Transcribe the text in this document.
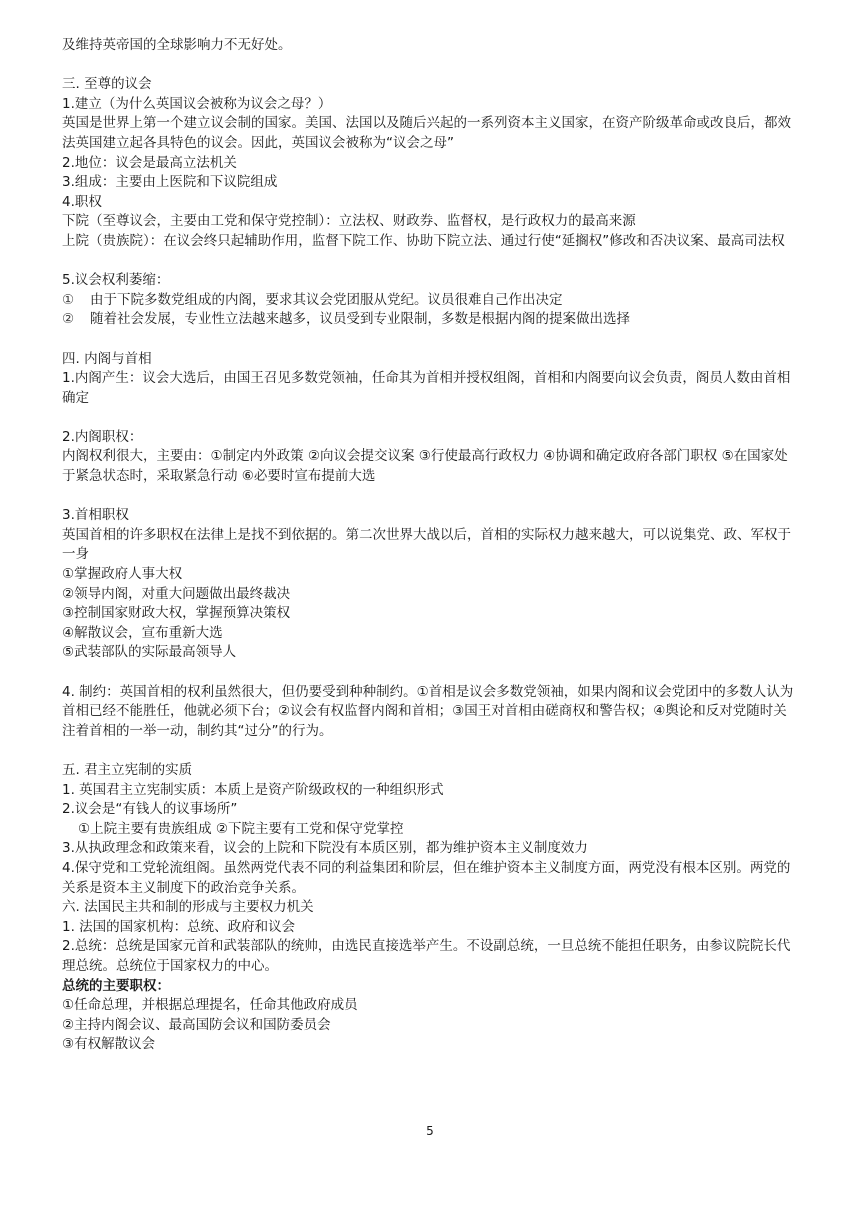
及维持英帝国的全球影响力不无好处。
三. 至尊的议会
1.建立（为什么英国议会被称为议会之母？）
英国是世界上第一个建立议会制的国家。美国、法国以及随后兴起的一系列资本主义国家，在资产阶级革命或改良后，都效法英国建立起各具特色的议会。因此，英国议会被称为“议会之母”
2.地位：议会是最高立法机关
3.组成：主要由上医院和下议院组成
4.职权
下院（至尊议会，主要由工党和保守党控制）：立法权、财政券、监督权，是行政权力的最高来源
上院（贵族院）：在议会终只起辅助作用，监督下院工作、协助下院立法、通过行使“延搁权”修改和否决议案、最高司法权
5.议会权利萎缩：
① 由于下院多数党组成的内阁，要求其议会党团服从党纪。议员很难自己作出决定
② 随着社会发展，专业性立法越来越多，议员受到专业限制，多数是根据内阁的提案做出选择
四. 内阁与首相
1.内阁产生：议会大选后，由国王召见多数党领袖，任命其为首相并授权组阁，首相和内阁要向议会负责，阁员人数由首相确定
2.内阁职权：
内阁权利很大，主要由：①制定内外政策 ②向议会提交议案 ③行使最高行政权力 ④协调和确定政府各部门职权 ⑤在国家处于紧急状态时，采取紧急行动 ⑥必要时宣布提前大选
3.首相职权
英国首相的许多职权在法律上是找不到依据的。第二次世界大战以后，首相的实际权力越来越大，可以说集党、政、军权于一身
①掌握政府人事大权
②领导内阁，对重大问题做出最终裁决
③控制国家财政大权，掌握预算决策权
④解散议会，宣布重新大选
⑤武装部队的实际最高领导人
4. 制约：英国首相的权利虽然很大，但仍要受到种种制约。①首相是议会多数党领袖，如果内阁和议会党团中的多数人认为首相已经不能胜任，他就必须下台；②议会有权监督内阁和首相；③国王对首相由磋商权和警告权；④舆论和反对党随时关注着首相的一举一动，制约其“过分”的行为。
五. 君主立宪制的实质
1. 英国君主立宪制实质：本质上是资产阶级政权的一种组织形式
2.议会是“有钱人的议事场所”
①上院主要有贵族组成 ②下院主要有工党和保守党掌控
3.从执政理念和政策来看，议会的上院和下院没有本质区别，都为维护资本主义制度效力
4.保守党和工党轮流组阁。虽然两党代表不同的利益集团和阶层，但在维护资本主义制度方面，两党没有根本区别。两党的关系是资本主义制度下的政治竞争关系。
六. 法国民主共和制的形成与主要权力机关
1. 法国的国家机构：总统、政府和议会
2.总统：总统是国家元首和武装部队的统帅，由选民直接选举产生。不设副总统，一旦总统不能担任职务，由参议院院长代理总统。总统位于国家权力的中心。
总统的主要职权：
①任命总理，并根据总理提名，任命其他政府成员
②主持内阁会议、最高国防会议和国防委员会
③有权解散议会
5
